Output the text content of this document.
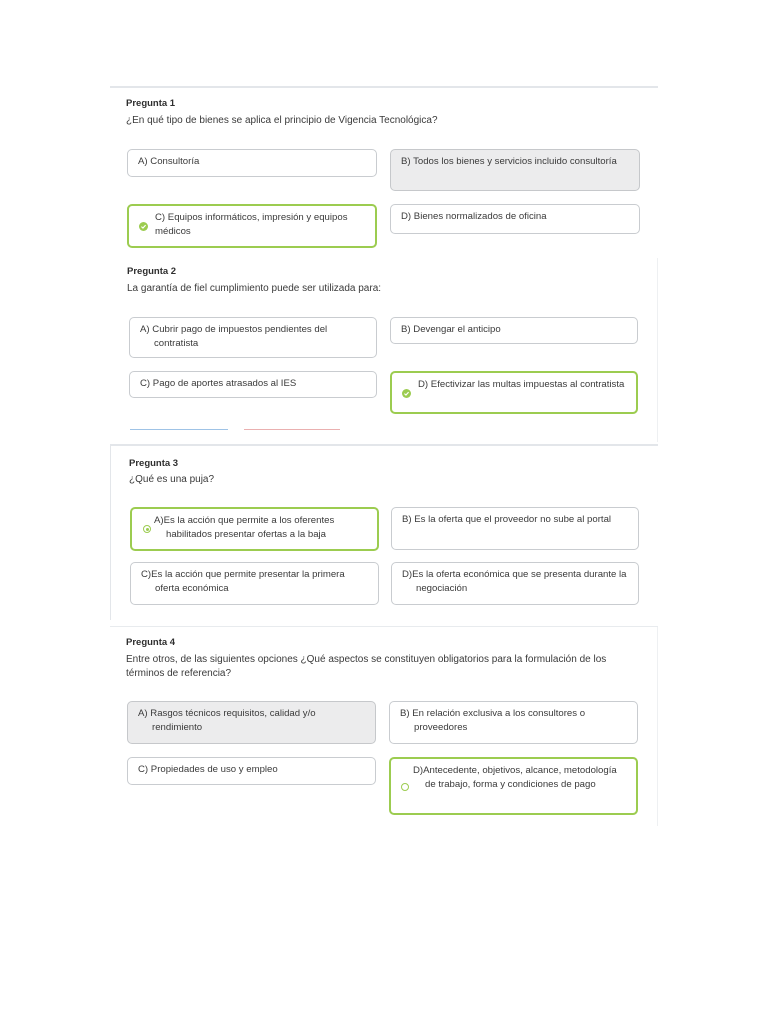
Pregunta 1

¿En qué tipo de bienes se aplica el principio de Vigencia Tecnológica?

A) Consultoría	B) Todos los bienes y servicios incluido consultoría
C) Equipos informáticos, impresión y equipos médicos
D) Bienes normalizados de oficina

Pregunta 2

La garantía de fiel cumplimiento puede ser utilizada para:

A) Cubrir pago de impuestos pendientes del contratista
B) Devengar el anticipo
C) Pago de aportes atrasados al IES	D) Efectivizar las multas impuestas al contratista

Pregunta 3

¿Qué es una puja?

A)Es la acción que permite a los oferentes habilitados presentar ofertas a la baja
B) Es la oferta que el proveedor no sube al portal
C)Es la acción que permite presentar la primera oferta económica
D)Es la oferta económica que se presenta durante la negociación

Pregunta 4

Entre otros, de las siguientes opciones ¿Qué aspectos se constituyen obligatorios para la formulación de los términos de referencia?

A) Rasgos técnicos requisitos, calidad y/o rendimiento
B) En relación exclusiva a los consultores o proveedores
C) Propiedades de uso y empleo	D)Antecedente, objetivos, alcance, metodología de trabajo, forma y condiciones de pago
